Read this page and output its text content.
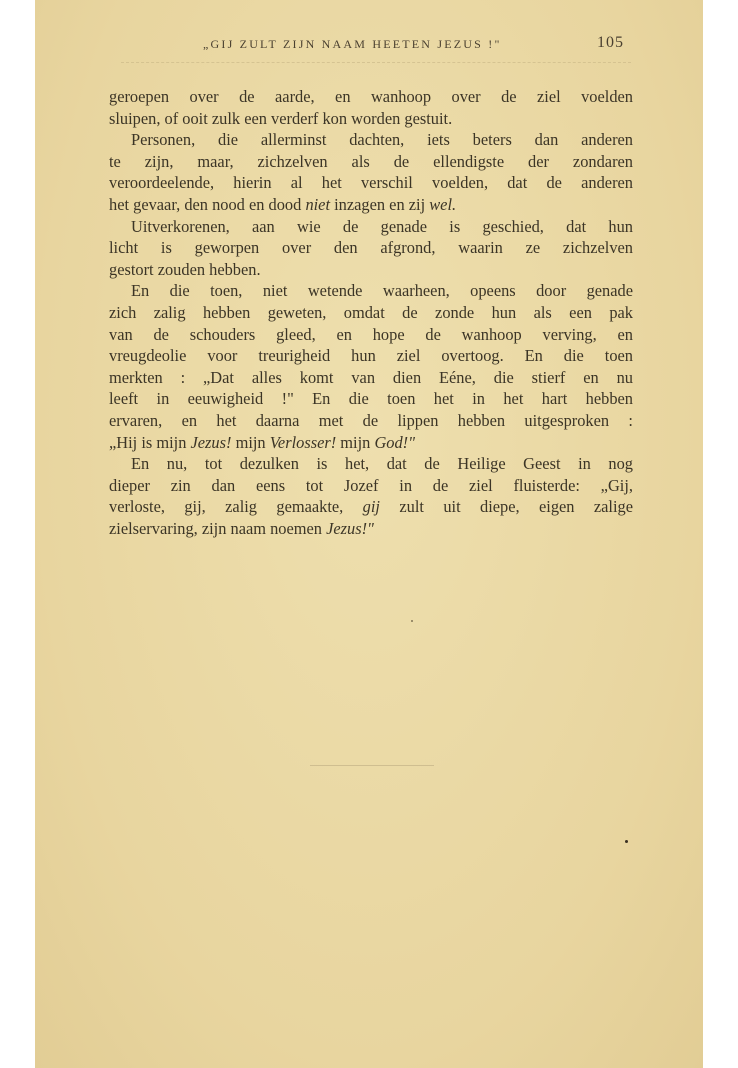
„GIJ ZULT ZIJN NAAM HEETEN JEZUS !"	105
geroepen over de aarde, en wanhoop over de ziel voelden
sluipen, of ooit zulk een verderf kon worden gestuit.
Personen, die allerminst dachten, iets beters dan anderen
te zijn, maar, zichzelven als de ellendigste der zondaren
veroordeelende, hierin al het verschil voelden, dat de anderen
het gevaar, den nood en dood niet inzagen en zij wel.
Uitverkorenen, aan wie de genade is geschied, dat hun
licht is geworpen over den afgrond, waarin ze zichzelven
gestort zouden hebben.
En die toen, niet wetende waarheen, opeens door genade
zich zalig hebben geweten, omdat de zonde hun als een pak
van de schouders gleed, en hope de wanhoop verving, en
vreugdeolie voor treurigheid hun ziel overtoog. En die toen
merkten : „Dat alles komt van dien Eéne, die stierf en nu
leeft in eeuwigheid !" En die toen het in het hart hebben
ervaren, en het daarna met de lippen hebben uitgesproken :
„Hij is mijn Jezus! mijn Verlosser! mijn God!"
En nu, tot dezulken is het, dat de Heilige Geest in nog
dieper zin dan eens tot Jozef in de ziel fluisterde: „Gij,
verloste, gij, zalig gemaakte, gij zult uit diepe, eigen zalige
zielservaring, zijn naam noemen Jezus!"
